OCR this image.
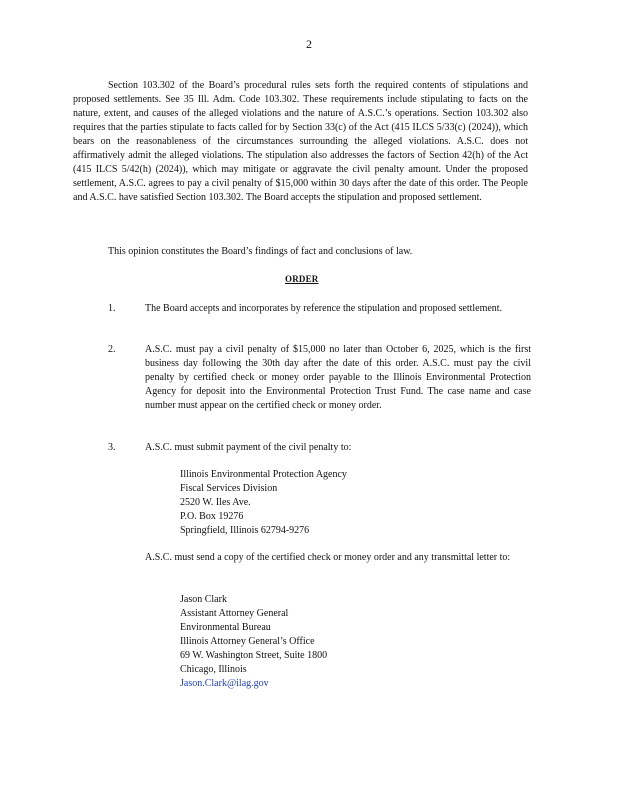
2

Section 103.302 of the Board’s procedural rules sets forth the required contents of stipulations and proposed settlements. See 35 Ill. Adm. Code 103.302. These requirements include stipulating to facts on the nature, extent, and causes of the alleged violations and the nature of A.S.C.’s operations. Section 103.302 also requires that the parties stipulate to facts called for by Section 33(c) of the Act (415 ILCS 5/33(c) (2024)), which bears on the reasonableness of the circumstances surrounding the alleged violations. A.S.C. does not affirmatively admit the alleged violations. The stipulation also addresses the factors of Section 42(h) of the Act (415 ILCS 5/42(h) (2024)), which may mitigate or aggravate the civil penalty amount. Under the proposed settlement, A.S.C. agrees to pay a civil penalty of $15,000 within 30 days after the date of this order. The People and A.S.C. have satisfied Section 103.302. The Board accepts the stipulation and proposed settlement.

This opinion constitutes the Board’s findings of fact and conclusions of law.
ORDER
1.	The Board accepts and incorporates by reference the stipulation and proposed settlement.

2.	A.S.C. must pay a civil penalty of $15,000 no later than October 6, 2025, which is the first business day following the 30th day after the date of this order. A.S.C. must pay the civil penalty by certified check or money order payable to the Illinois Environmental Protection Agency for deposit into the Environmental Protection Trust Fund. The case name and case number must appear on the certified check or money order.

3.	A.S.C. must submit payment of the civil penalty to:

Illinois Environmental Protection Agency
Fiscal Services Division
2520 W. Iles Ave.
P.O. Box 19276
Springfield, Illinois 62794-9276

A.S.C. must send a copy of the certified check or money order and any transmittal letter to:

Jason Clark
Assistant Attorney General
Environmental Bureau
Illinois Attorney General’s Office
69 W. Washington Street, Suite 1800
Chicago, Illinois
Jason.Clark@ilag.gov
